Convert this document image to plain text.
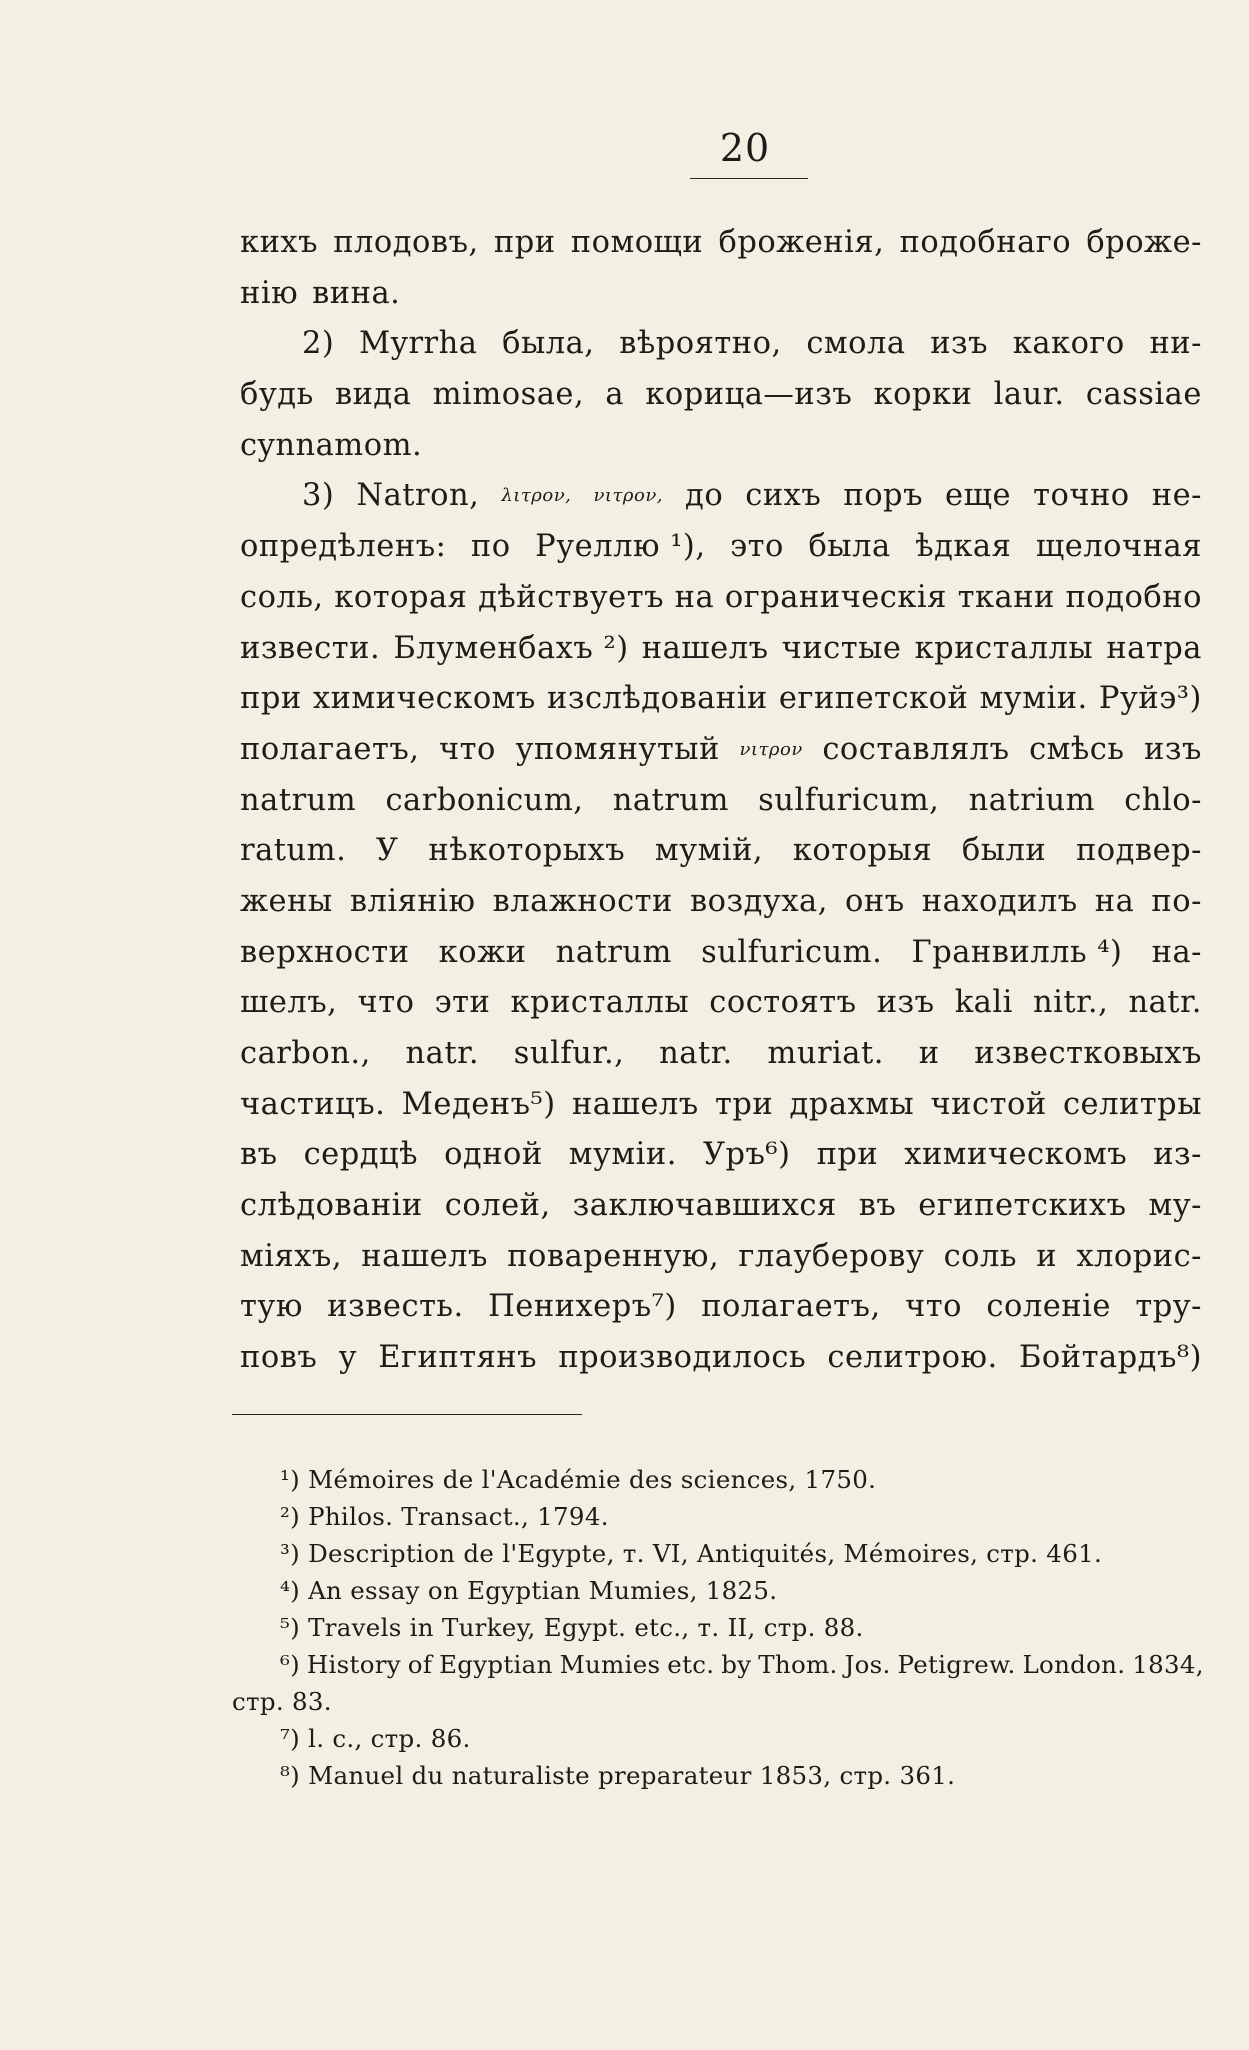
20
кихъ плодовъ, при помощи броженія, подобнаго броже-
нію вина.
2) Myrrha была, вѣроятно, смола изъ какого ни-
будь вида mimosae, а корица—изъ корки laur. cassiae
cynnamom.
3) Natron, λιτρον, νιτρον, до сихъ поръ еще точно не-
опредѣленъ: по Руеллю ¹), это была ѣдкая щелочная
соль, которая дѣйствуетъ на ограническія ткани подобно
извести. Блуменбахъ ²) нашелъ чистые кристаллы натра
при химическомъ изслѣдованіи египетской муміи. Руйэ³)
полагаетъ, что упомянутый νιτρον составлялъ смѣсь изъ
natrum carbonicum, natrum sulfuricum, natrium chlo-
ratum. У нѣкоторыхъ мумій, которыя были подвер-
жены вліянію влажности воздуха, онъ находилъ на по-
верхности кожи natrum sulfuricum. Гранвилль ⁴) на-
шелъ, что эти кристаллы состоятъ изъ kali nitr., natr.
carbon., natr. sulfur., natr. muriat. и известковыхъ
частицъ. Меденъ⁵) нашелъ три драхмы чистой селитры
въ сердцѣ одной муміи. Уръ⁶) при химическомъ из-
слѣдованіи солей, заключавшихся въ египетскихъ му-
міяхъ, нашелъ поваренную, глауберову соль и хлорис-
тую известь. Пенихеръ⁷) полагаетъ, что соленіе тру-
повъ у Египтянъ производилось селитрою. Бойтардъ⁸)
¹) Mémoires de l'Académie des sciences, 1750.
²) Philos. Transact., 1794.
³) Description de l'Egypte, т. VI, Antiquités, Mémoires, стр. 461.
⁴) An essay on Egyptian Mumies, 1825.
⁵) Travels in Turkey, Egypt. etc., т. II, стр. 88.
⁶) History of Egyptian Mumies etc. by Thom. Jos. Petigrew. London. 1834,
стр. 83.
⁷) l. c., стр. 86.
⁸) Manuel du naturaliste preparateur 1853, стр. 361.
